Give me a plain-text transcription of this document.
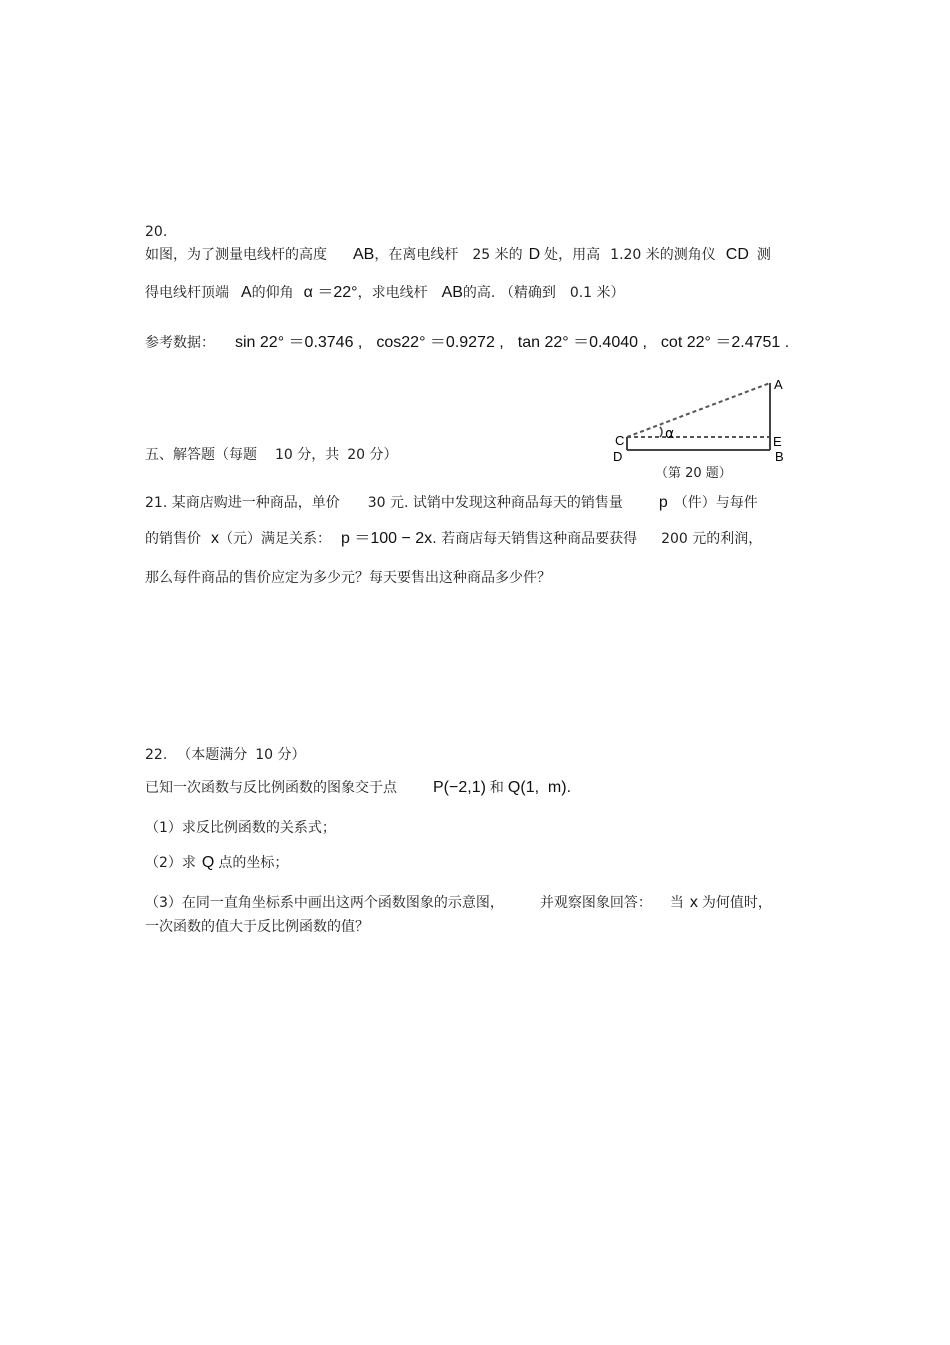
20.
如图，为了测量电线杆的高度 AB，在离电线杆 25 米的 D 处，用高 1.20 米的测角仪 CD 测
得电线杆顶端 A的仰角 α ＝22°，求电线杆 AB的高. （精确到 0.1 米）
参考数据： sin 22° ＝0.3746 , cos22° ＝0.9272 , tan 22° ＝0.4040 , cot 22° ＝2.4751 .
A
C
D
E
B
α
（第 20 题）
五、解答题（每题 10 分，共 20 分）
21. 某商店购进一种商品，单价 30 元. 试销中发现这种商品每天的销售量 p （件）与每件
的销售价 x（元）满足关系： p ＝100 − 2x. 若商店每天销售这种商品要获得 200 元的利润，
那么每件商品的售价应定为多少元？每天要售出这种商品多少件？
22. （本题满分 10 分）
已知一次函数与反比例函数的图象交于点 P(−2,1) 和 Q(1,  m).
（1）求反比例函数的关系式；
（2）求 Q 点的坐标；
（3）在同一直角坐标系中画出这两个函数图象的示意图，	并观察图象回答： 当 x 为何值时，
一次函数的值大于反比例函数的值？
